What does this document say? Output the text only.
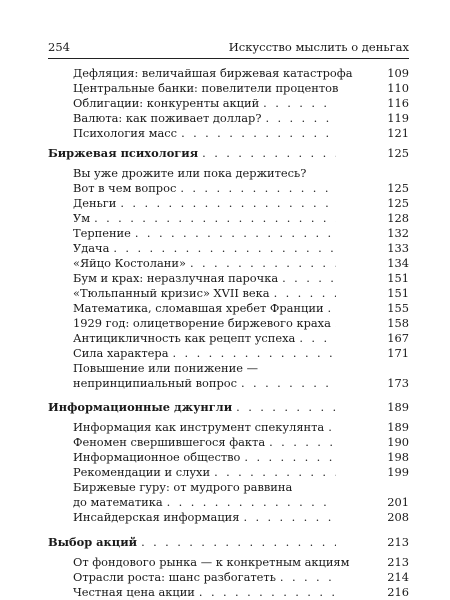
254	Искусство мыслить о деньгах
Дефляция: величайшая биржевая катастрофа	109
Центральные банки: повелители процентов	110
Облигации: конкуренты акций . . .	116
Валюта: как поживает доллар? . . .	119
Психология масс . . .	121
Биржевая психология . . .	125
Вы уже дрожите или пока держитесь?
Вот в чем вопрос . . .	125
Деньги . . .	125
Ум . . .	128
Терпение . . .	132
Удача . . .	133
«Яйцо Костолани» . . .	134
Бум и крах: неразлучная парочка . . .	151
«Тюльпанный кризис» XVII века . . .	151
Математика, сломавшая хребет Франции . . .	155
1929 год: олицетворение биржевого краха . . .	158
Антицикличность как рецепт успеха . . .	167
Сила характера . . .	171
Повышение или понижение —
непринципиальный вопрос . . .	173
Информационные джунгли . . .	189
Информация как инструмент спекулянта . . .	189
Феномен свершившегося факта . . .	190
Информационное общество . . .	198
Рекомендации и слухи . . .	199
Биржевые гуру: от мудрого раввина
до математика . . .	201
Инсайдерская информация . . .	208
Выбор акций . . .	213
От фондового рынка — к конкретным акциям	213
Отрасли роста: шанс разбогатеть . . .	214
Честная цена акции . . .	216
